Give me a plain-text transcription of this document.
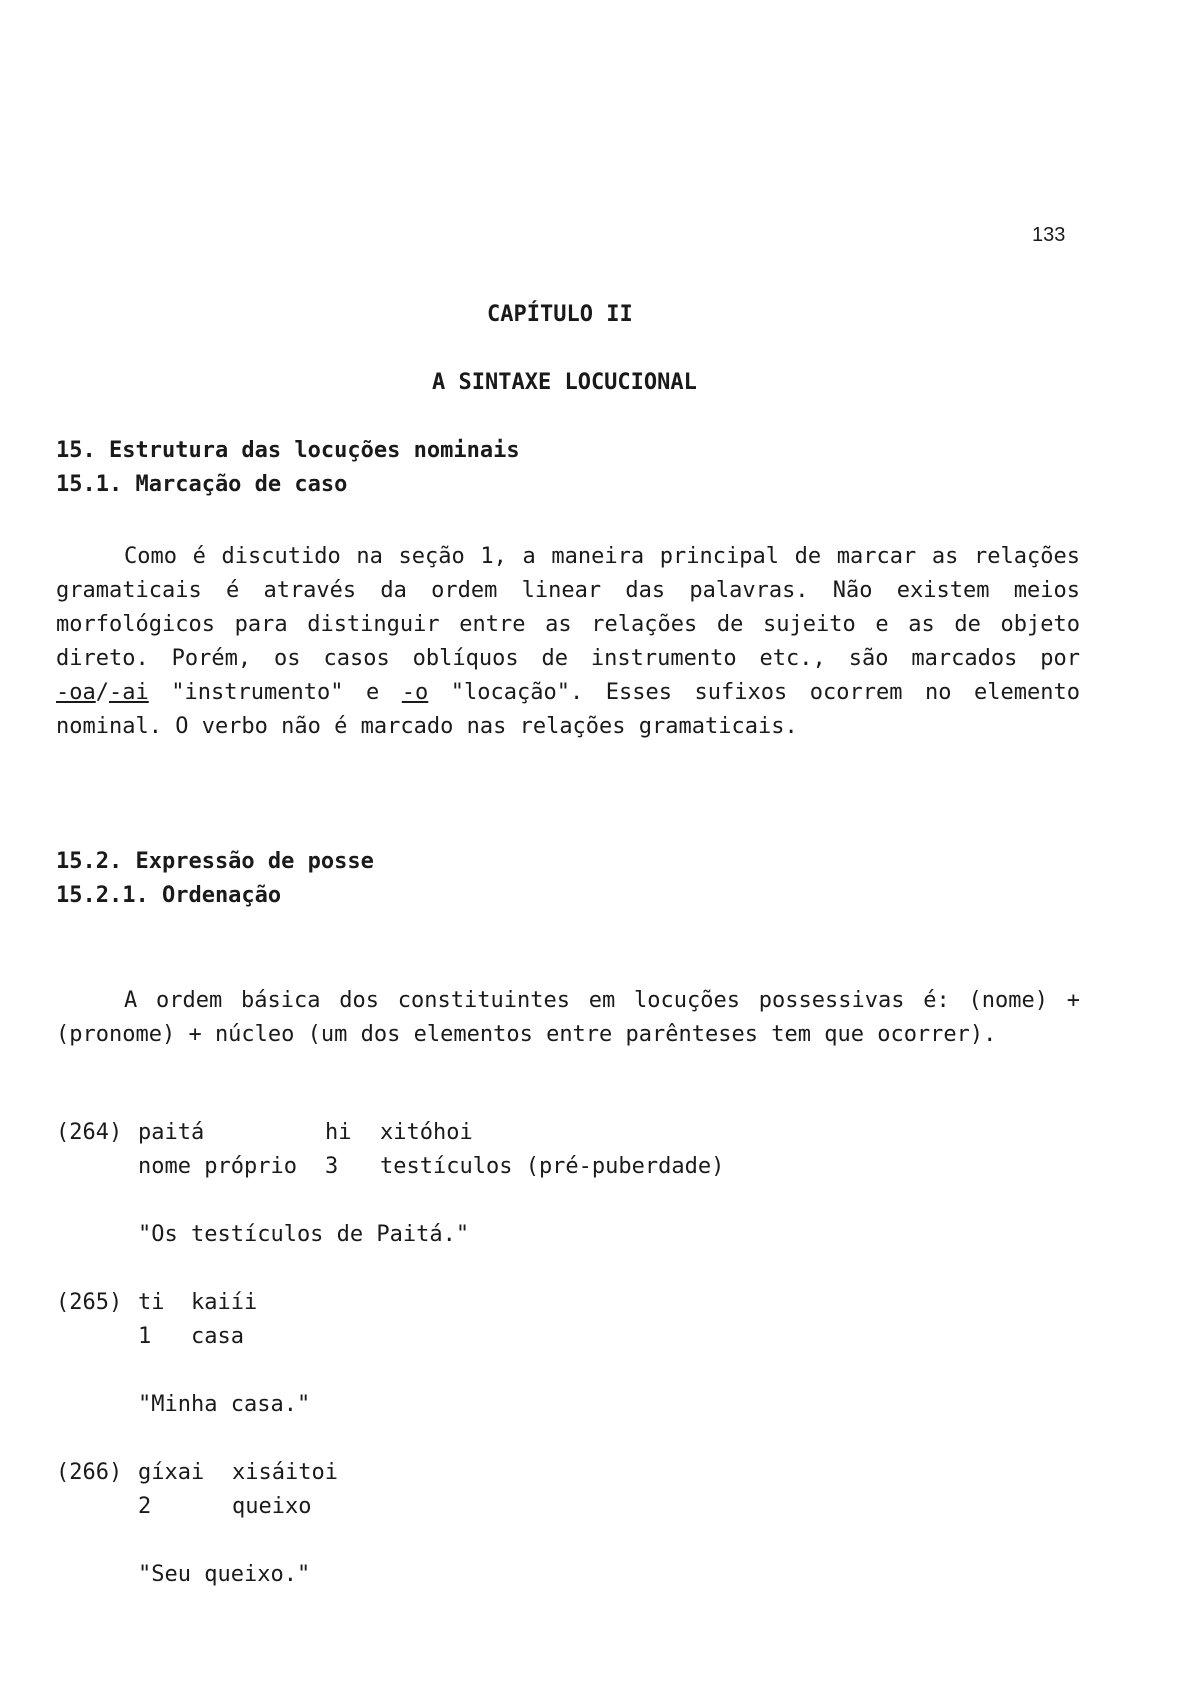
133
CAPÍTULO II
A SINTAXE LOCUCIONAL
15. Estrutura das locuções nominais
15.1. Marcação de caso
Como é discutido na seção 1, a maneira principal de marcar as relações
gramaticais é através da ordem linear das palavras. Não existem meios
morfológicos para distinguir entre as relações de sujeito e as de objeto
direto. Porém, os casos oblíquos de instrumento etc., são marcados por
-oa/-ai "instrumento" e -o "locação". Esses sufixos ocorrem no elemento
nominal. O verbo não é marcado nas relações gramaticais.
15.2. Expressão de posse
15.2.1. Ordenação
A ordem básica dos constituintes em locuções possessivas é: (nome) +
(pronome) + núcleo (um dos elementos entre parênteses tem que ocorrer).
(264) paitá	hi xitóhoi
nome próprio 3 testículos (pré-puberdade)
"Os testículos de Paitá."
(265) ti kaiíi
1 casa
"Minha casa."
(266) gíxai xisáitoi
2	queixo
"Seu queixo."
